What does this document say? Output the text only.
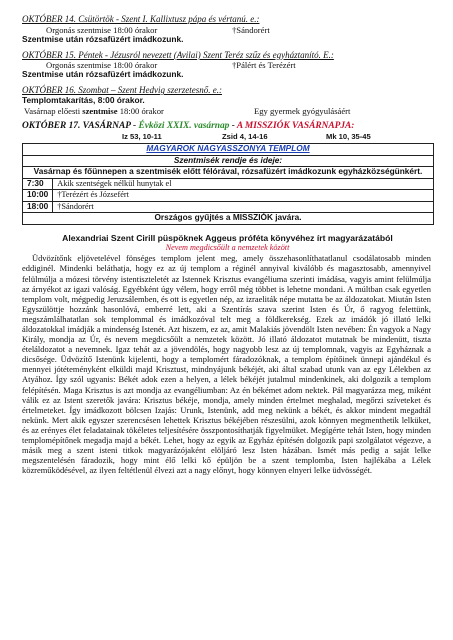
OKTÓBER 14. Csütörtök - Szent I. Kallixtusz pápa és vértanú. e.:
Orgonás szentmise 18:00 órakor	†Sándorért
Szentmise után rózsafüzért imádkozunk.
OKTÓBER 15. Péntek - Jézusról nevezett (Avilai) Szent Teréz szűz és egyháztanító. E.:
Orgonás szentmise 18:00 órakor	†Pálért és Terézért
Szentmise után rózsafüzért imádkozunk.
OKTÓBER 16. Szombat – Szent Hedvig szerzetesnő. e.:
Templomtakarítás, 8:00 órakor.
Vasárnap előesti szentmise 18:00 órakor	Egy gyermek gyógyulásáért
OKTÓBER 17. VASÁRNAP - Évközi XXIX. vasárnap - A MISSZIÓK VASÁRNAPJA:
Iz 53, 10-11	Zsid 4, 14-16	Mk 10, 35-45
MAGYAROK NAGYASSZONYA TEMPLOM	
Szentmisék rendje és ideje:	
Vasárnap és főünnepen a szentmisék előtt félórával, rózsafüzért imádkozunk egyházközségünkért.	
7:30	Akik szentségek nélkül hunytak el
10:00	†Terézért és Józsefért
18:00	†Sándorért
Országos gyűjtés a MISSZIÓK javára.	
Alexandriai Szent Cirill püspöknek Aggeus próféta könyvéhez írt magyarázatából
Nevem megdicsőült a nemzetek között

Üdvözítőnk eljövetelével fönséges templom jelent meg, amely összehasonlíthatatlanul csodálatosabb minden eddiginél. Mindenki beláthatja, hogy ez az új templom a réginél annyival kiválóbb és magasztosabb, amennyivel felülmúlja a mózesi törvény istentiszteletét az Istennek Krisztus evangéliuma szerinti imádása, vagyis amint felülmúlja az árnyékot az igazi valóság. Egyébként úgy vélem, hogy erről még többet is lehetne mondani. A múltban csak egyetlen templom volt, mégpedig Jeruzsálemben, és ott is egyetlen nép, az izraeliták népe mutatta be az áldozatokat. Miután Isten Egyszülöttje hozzánk hasonlóvá, emberré lett, aki a Szentírás szava szerint Isten és Úr, ő ragyog felettünk, megszámlálhatatlan sok templommal és imádkozóval telt meg a földkerekség. Ezek az imádók jó illató lelki áldozatokkal imádják a mindenség Istenét. Azt hiszem, ez az, amit Malakiás jövendölt Isten nevében: Én vagyok a Nagy Király, mondja az Úr, és nevem megdicsőült a nemzetek között. Jó illató áldozatot mutatnak be mindenütt, tiszta ételáldozatot a nevemnek. Igaz tehát az a jövendölés, hogy nagyobb lesz az új templomnak, vagyis az Egyháznak a dicsősége. Üdvözítő Istenünk kijelenti, hogy a templomért fáradozóknak, a templom építőinek ünnepi ajándékul és mennyei jótéteményként elküldi majd Krisztust, mindnyájunk békéjét, aki által szabad utunk van az egy Lélekben az Atyához. Így szól ugyanis: Békét adok ezen a helyen, a lélek békéjét jutalmul mindenkinek, aki dolgozik a templom felépítésén. Maga Krisztus is azt mondja az evangéliumban: Az én békémet adom nektek. Pál magyarázza meg, miként válik ez az Istent szeretők javára: Krisztus békéje, mondja, amely minden értelmet meghalad, megőrzi szíveteket és értelmeteket. Így imádkozott bölcsen Izajás: Urunk, Istenünk, add meg nekünk a békét, és akkor mindent megadtál nekünk. Mert akik egyszer szerencsésen lehettek Krisztus békéjében részesülni, azok könnyen megmenthetik lelküket, és az erényes élet feladatainak tökéletes teljesítésére összpontosíthatják figyelmüket. Megígérte tehát Isten, hogy minden templomépítőnek megadja majd a békét. Lehet, hogy az egyik az Egyház építésén dolgozik papi szolgálatot végezve, a másik meg a szent isteni titkok magyarázójaként elöljáró lesz Isten házában. Ismét más pedig a saját lelke megszentelésén fáradozik, hogy mint élő lelki kő épüljön be a szent templomba, Isten hajlékába a Lélek közreműködésével, az ilyen feltétlenül élvezi azt a nagy előnyt, hogy könnyen elnyeri lelke üdvösségét.
